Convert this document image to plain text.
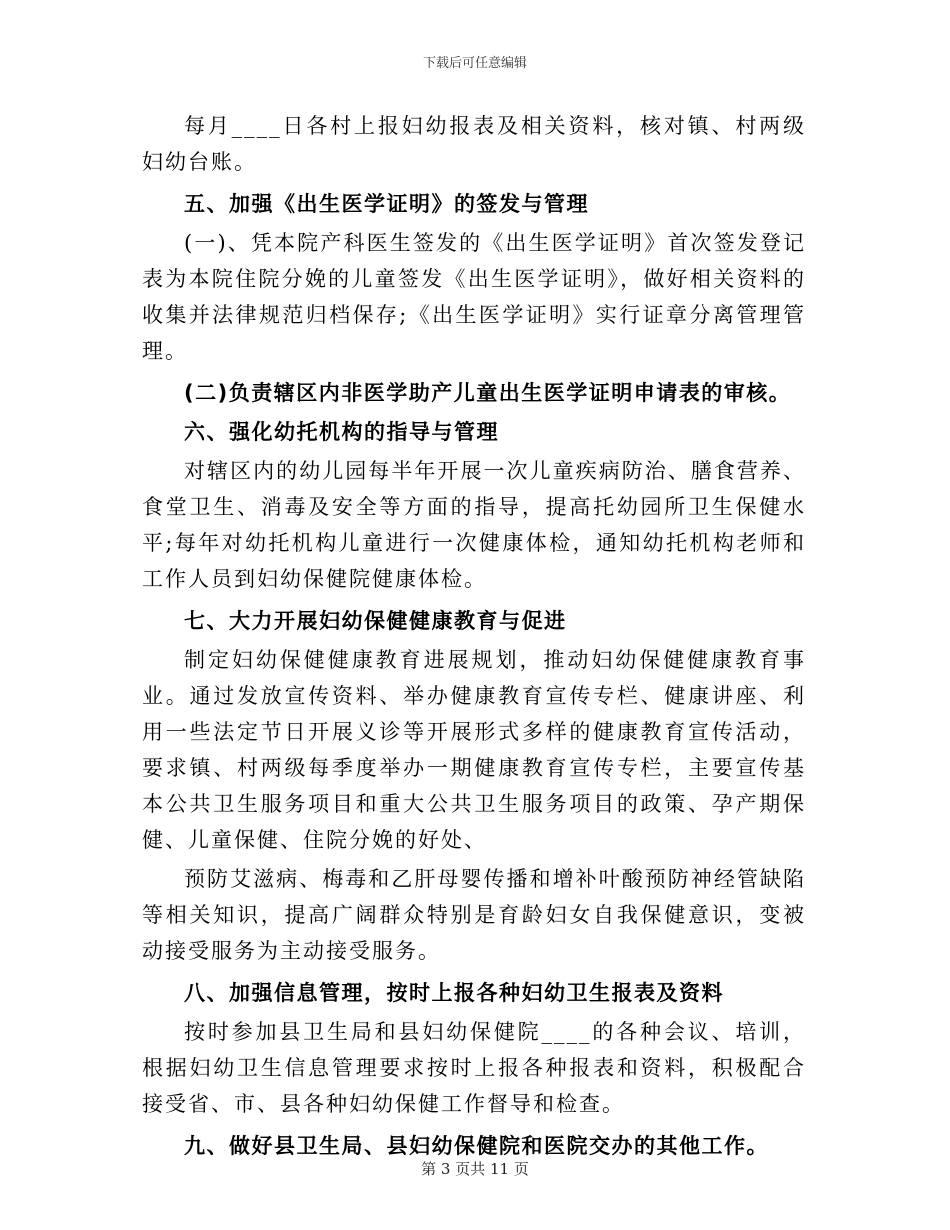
下载后可任意编辑

每月____日各村上报妇幼报表及相关资料，核对镇、村两级妇幼台账。

五、加强《出生医学证明》的签发与管理

(一)、凭本院产科医生签发的《出生医学证明》首次签发登记表为本院住院分娩的儿童签发《出生医学证明》，做好相关资料的收集并法律规范归档保存;《出生医学证明》实行证章分离管理管理。

(二)负责辖区内非医学助产儿童出生医学证明申请表的审核。

六、强化幼托机构的指导与管理

对辖区内的幼儿园每半年开展一次儿童疾病防治、膳食营养、食堂卫生、消毒及安全等方面的指导，提高托幼园所卫生保健水平;每年对幼托机构儿童进行一次健康体检，通知幼托机构老师和工作人员到妇幼保健院健康体检。

七、大力开展妇幼保健健康教育与促进

制定妇幼保健健康教育进展规划，推动妇幼保健健康教育事业。通过发放宣传资料、举办健康教育宣传专栏、健康讲座、利用一些法定节日开展义诊等开展形式多样的健康教育宣传活动，要求镇、村两级每季度举办一期健康教育宣传专栏，主要宣传基本公共卫生服务项目和重大公共卫生服务项目的政策、孕产期保健、儿童保健、住院分娩的好处、

预防艾滋病、梅毒和乙肝母婴传播和增补叶酸预防神经管缺陷等相关知识，提高广阔群众特别是育龄妇女自我保健意识，变被动接受服务为主动接受服务。

八、加强信息管理，按时上报各种妇幼卫生报表及资料

按时参加县卫生局和县妇幼保健院____的各种会议、培训，根据妇幼卫生信息管理要求按时上报各种报表和资料，积极配合接受省、市、县各种妇幼保健工作督导和检查。

九、做好县卫生局、县妇幼保健院和医院交办的其他工作。

第 3 页共 11 页
